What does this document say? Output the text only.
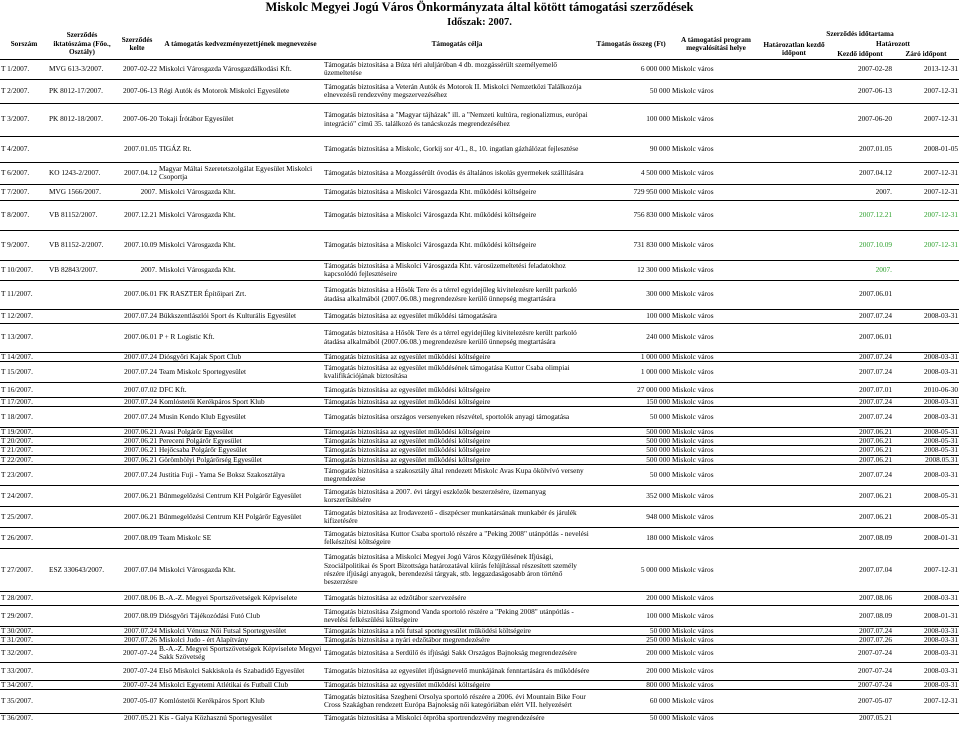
Miskolc Megyei Jogú Város Önkormányzata által kötött támogatási szerződések
Időszak: 2007.
Sorszám	Szerződés iktatószáma (Főo., Osztály)	Szerződés kelte	A támogatás kedvezményezettjének megnevezése	Támogatás célja	Támogatás összeg (Ft)	A támogatási program megvalósítási helye	Szerződés időtartama		
							Határozatlan kezdő időpont	Határozott	
								Kezdő időpont	Záró időpont
T 1/2007.	MVG 613-3/2007.	2007-02-22	Miskolci Városgazda Városgazdálkodási Kft.	Támogatás biztosítása a Búza téri aluljáróban 4 db. mozgássérült személyemelő üzemeltetése	6 000 000	Miskolc város		2007-02-28	2013-12-31
T 2/2007.	PK 8012-17/2007.	2007-06-13	Régi Autók és Motorok Miskolci Egyesülete	Támogatás biztosítása a Veterán Autók és Motorok II. Miskolci Nemzetközi Találkozója elnevezésű rendezvény megszervezéséhez	50 000	Miskolc város		2007-06-13	2007-12-31
T 3/2007.	PK 8012-18/2007.	2007-06-20	Tokaji Írótábor Egyesület	Támogatás biztosítása a "Magyar tájházak" ill. a "Nemzeti kultúra, regionalizmus, európai integráció" című 35. találkozó és tanácskozás megrendezéséhez	100 000	Miskolc város		2007-06-20	2007-12-31
T 4/2007.		2007.01.05	TIGÁZ Rt.	Támogatás biztosítása a Miskolc, Gorkij sor 4/1., 8., 10. ingatlan gázhálózat fejlesztése	90 000	Miskolc város		2007.01.05	2008-01-05
T 6/2007.	KO 1243-2/2007.	2007.04.12	Magyar Máltai Szeretetszolgálat Egyesület Miskolci Csoportja	Támogatás biztosítása a Mozgássérült óvodás és általános iskolás gyermekek szállítására	4 500 000	Miskolc város		2007.04.12	2007-12-31
T 7/2007.	MVG 1566/2007.	2007.	Miskolci Városgazda Kht.	Támogatás biztosítása a Miskolci Városgazda Kht. működési költségeire	729 950 000	Miskolc város		2007.	2007-12-31
T 8/2007.	VB 81152/2007.	2007.12.21	Miskolci Városgazda Kht.	Támogatás biztosítása a Miskolci Városgazda Kht. működési költségeire	756 830 000	Miskolc város		2007.12.21	2007-12-31
T 9/2007.	VB 81152-2/2007.	2007.10.09	Miskolci Városgazda Kht.	Támogatás biztosítása a Miskolci Városgazda Kht. működési költségeire	731 830 000	Miskolc város		2007.10.09	2007-12-31
T 10/2007.	VB 82843/2007.	2007.	Miskolci Városgazda Kht.	Támogatás biztosítása a Miskolci Városgazda Kht. városüzemeltetési feladatokhoz kapcsolódó fejlesztéseire	12 300 000	Miskolc város		2007.	
T 11/2007.		2007.06.01	FK RASZTER Építőipari Zrt.	Támogatás biztosítása a Hősök Tere és a térrel egyidejűleg kivitelezésre került parkoló átadása alkalmából (2007.06.08.) megrendezésre kerülő ünnepség megtartására	300 000	Miskolc város		2007.06.01	
T 12/2007.		2007.07.24	Bükkszentlászlói Sport és Kulturális Egyesület	Támogatás biztosítása az egyesület működési támogatására	100 000	Miskolc város		2007.07.24	2008-03-31
T 13/2007.		2007.06.01	P + R Logistic Kft.	Támogatás biztosítása a Hősök Tere és a térrel egyidejűleg kivitelezésre került parkoló átadása alkalmából (2007.06.08.) megrendezésre kerülő ünnepség megtartására	240 000	Miskolc város		2007.06.01	
T 14/2007.		2007.07.24	Diósgyőri Kajak Sport Club	Támogatás biztosítása az egyesület működési költségeire	1 000 000	Miskolc város		2007.07.24	2008-03-31
T 15/2007.		2007.07.24	Team Miskolc Sportegyesület	Támogatás biztosítása az egyesület működésének támogatása Kuttor Csaba olimpiai kvalifikációjának biztosítása	1 000 000	Miskolc város		2007.07.24	2008-03-31
T 16/2007.		2007.07.02	DFC Kft.	Támogatás biztosítása az egyesület működési költségeire	27 000 000	Miskolc város		2007.07.01	2010-06-30
T 17/2007.		2007.07.24	Komlóstetői Kerékpáros Sport Klub	Támogatás biztosítása az egyesület működési költségeire	150 000	Miskolc város		2007.07.24	2008-03-31
T 18/2007.		2007.07.24	Musin Kendo Klub Egyesület	Támogatás biztosítása országos versenyeken részvétel, sportolók anyagi támogatása	50 000	Miskolc város		2007.07.24	2008-03-31
T 19/2007.		2007.06.21	Avasi Polgárőr Egyesület	Támogatás biztosítása az egyesület működési költségeire	500 000	Miskolc város		2007.06.21	2008-05-31
T 20/2007.		2007.06.21	Pereceni Polgárőr Egyesület	Támogatás biztosítása az egyesület működési költségeire	500 000	Miskolc város		2007.06.21	2008-05-31
T 21/2007.		2007.06.21	Hejőcsaba Polgárőr Egyesület	Támogatás biztosítása az egyesület működési költségeire	500 000	Miskolc város		2007.06.21	2008-05-31
T 22/2007.		2007.06.21	Görömbölyi Polgárőrség Egyesület	Támogatás biztosítása az egyesület működési költségeire	500 000	Miskolc város		2007.06.21	2008.05.31
T 23/2007.		2007.07.24	Justitia Fuji - Yama Se Boksz Szakosztálya	Támogatás biztosítása a szakosztály által rendezett Miskolc Avas Kupa ökölvívó verseny megrendezése	50 000	Miskolc város		2007.07.24	2008-03-31
T 24/2007.		2007.06.21	Bűnmegelőzési Centrum KH Polgárőr Egyesület	Támogatás biztosítása a 2007. évi tárgyi eszközök beszerzésére, üzemanyag korszerűsítésére	352 000	Miskolc város		2007.06.21	2008-05-31
T 25/2007.		2007.06.21	Bűnmegelőzési Centrum KH Polgárőr Egyesület	Támogatás biztosítása az Irodavezető - diszpécser munkatársának munkabér és járulék kifizetésére	948 000	Miskolc város		2007.06.21	2008-05-31
T 26/2007.		2007.08.09	Team Miskolc SE	Támogatás biztosítása Kuttor Csaba sportoló részére a "Peking 2008" utánpótlás - nevelési felkészítési költségeire	180 000	Miskolc város		2007.08.09	2008-01-31
T 27/2007.	ESZ 330643/2007.	2007.07.04	Miskolci Városgazda Kht.	Támogatás biztosítása a Miskolci Megyei Jogú Város Közgyűlésének Ifjúsági, Szociálpolitikai és Sport Bizottsága határozatával kiírás felújítással részesített személy részére ifjúsági anyagok, berendezési tárgyak, stb. leggazdaságosabb áron történő beszerzésre	5 000 000	Miskolc város		2007.07.04	2007-12-31
T 28/2007.		2007.08.06	B.-A.-Z. Megyei Sportszövetségek Képviselete	Támogatás biztosítása az edzőtábor szervezésére	200 000	Miskolc város		2007.08.06	2008-03-31
T 29/2007.		2007.08.09	Diósgyőri Tájékozódási Futó Club	Támogatás biztosítása Zsigmond Vanda sportoló részére a "Peking 2008" utánpótlás - nevelési felkészülési költségeire	100 000	Miskolc város		2007.08.09	2008-01-31
T 30/2007.		2007.07.24	Miskolci Vénusz Női Futsal Sportegyesület	Támogatás biztosítása a női futsal sportegyesület működési költségeire	50 000	Miskolc város		2007.07.24	2008-03-31
T 31/2007.		2007.07.26	Miskolci Judo - ért Alapítvány	Támogatás biztosítása a nyári edzőtábor megrendezésére	250 000	Miskolc város		2007.07.26	2008-03-31
T 32/2007.		2007-07-24	B.-A.-Z. Megyei Sportszövetségek Képviselete Megyei Sakk Szövetség	Támogatás biztosítása a Serdülő és ifjúsági Sakk Országos Bajnokság megrendezésére	200 000	Miskolc város		2007-07-24	2008-03-31
T 33/2007.		2007-07-24	Első Miskolci Sakkiskola és Szabadidő Egyesület	Támogatás biztosítása az egyesület ifjúságnevelő munkájának fenntartására és működésére	200 000	Miskolc város		2007-07-24	2008-03-31
T 34/2007.		2007-07-24	Miskolci Egyetemi Atlétikai és Futball Club	Támogatás biztosítása az egyesület működési költségeire	800 000	Miskolc város		2007-07-24	2008-03-31
T 35/2007.		2007-05-07	Komlóstetői Kerékpáros Sport Klub	Támogatás biztosítása Szegheni Orsolya sportoló részére a 2006. évi Mountain Bike Four Cross Szakágban rendezett Európa Bajnokság női kategóriában elért VII. helyezésért	60 000	Miskolc város		2007-05-07	2007-12-31
T 36/2007.		2007.05.21	Kis - Galya Közhasznú Sportegyesület	Támogatás biztosítása a Miskolci ötpróba sportrendezvény megrendezésére	50 000	Miskolc város		2007.05.21	
